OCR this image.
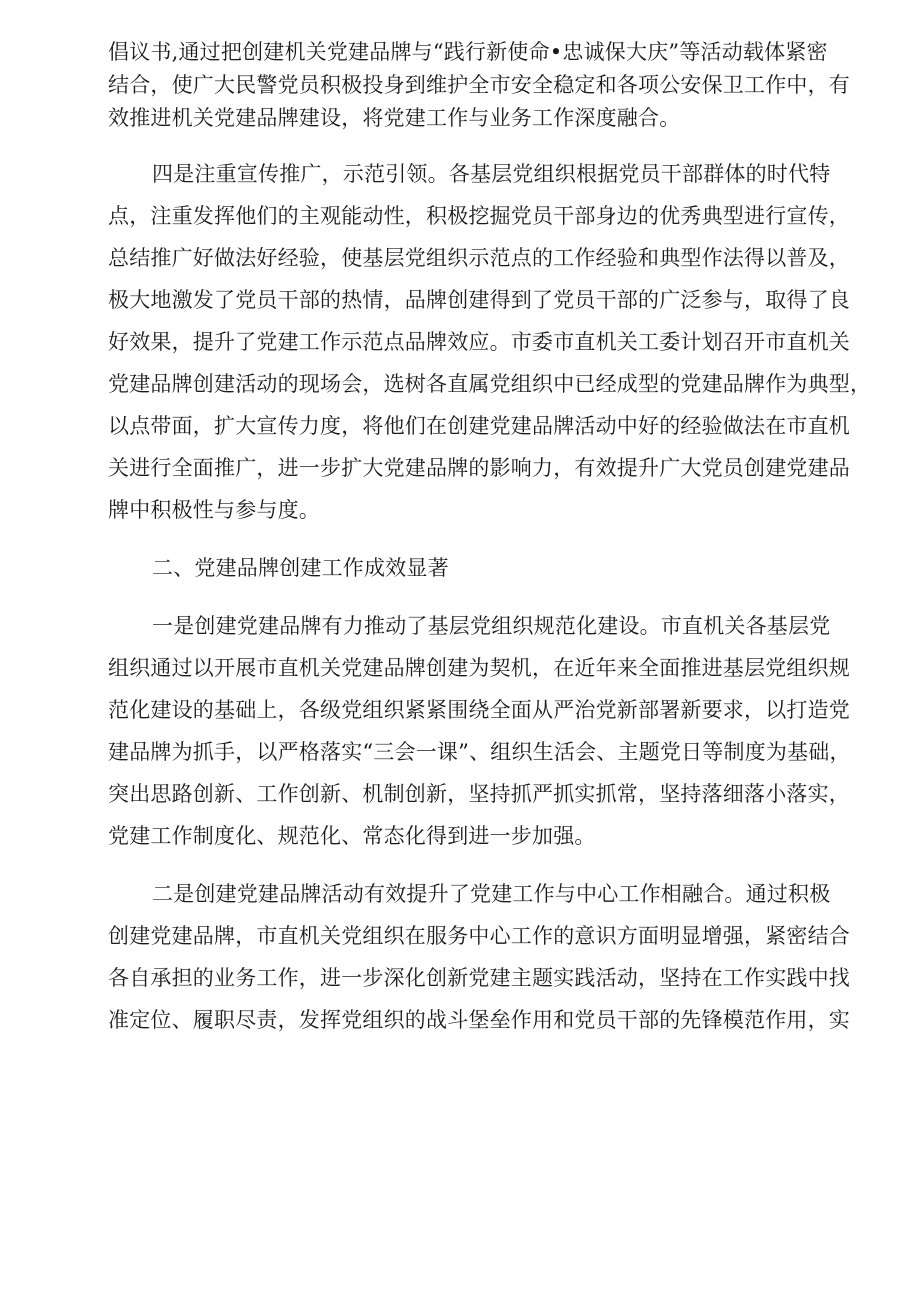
倡议书,通过把创建机关党建品牌与“践行新使命•忠诚保大庆”等活动载体紧密
结合，使广大民警党员积极投身到维护全市安全稳定和各项公安保卫工作中，有
效推进机关党建品牌建设，将党建工作与业务工作深度融合。

四是注重宣传推广，示范引领。各基层党组织根据党员干部群体的时代特
点，注重发挥他们的主观能动性，积极挖掘党员干部身边的优秀典型进行宣传，
总结推广好做法好经验，使基层党组织示范点的工作经验和典型作法得以普及，
极大地激发了党员干部的热情，品牌创建得到了党员干部的广泛参与，取得了良
好效果，提升了党建工作示范点品牌效应。市委市直机关工委计划召开市直机关
党建品牌创建活动的现场会，选树各直属党组织中已经成型的党建品牌作为典型，
以点带面，扩大宣传力度，将他们在创建党建品牌活动中好的经验做法在市直机
关进行全面推广，进一步扩大党建品牌的影响力，有效提升广大党员创建党建品
牌中积极性与参与度。

二、党建品牌创建工作成效显著

一是创建党建品牌有力推动了基层党组织规范化建设。市直机关各基层党
组织通过以开展市直机关党建品牌创建为契机，在近年来全面推进基层党组织规
范化建设的基础上，各级党组织紧紧围绕全面从严治党新部署新要求，以打造党
建品牌为抓手，以严格落实“三会一课”、组织生活会、主题党日等制度为基础，
突出思路创新、工作创新、机制创新，坚持抓严抓实抓常，坚持落细落小落实，
党建工作制度化、规范化、常态化得到进一步加强。

二是创建党建品牌活动有效提升了党建工作与中心工作相融合。通过积极
创建党建品牌，市直机关党组织在服务中心工作的意识方面明显增强，紧密结合
各自承担的业务工作，进一步深化创新党建主题实践活动，坚持在工作实践中找
准定位、履职尽责，发挥党组织的战斗堡垒作用和党员干部的先锋模范作用，实
